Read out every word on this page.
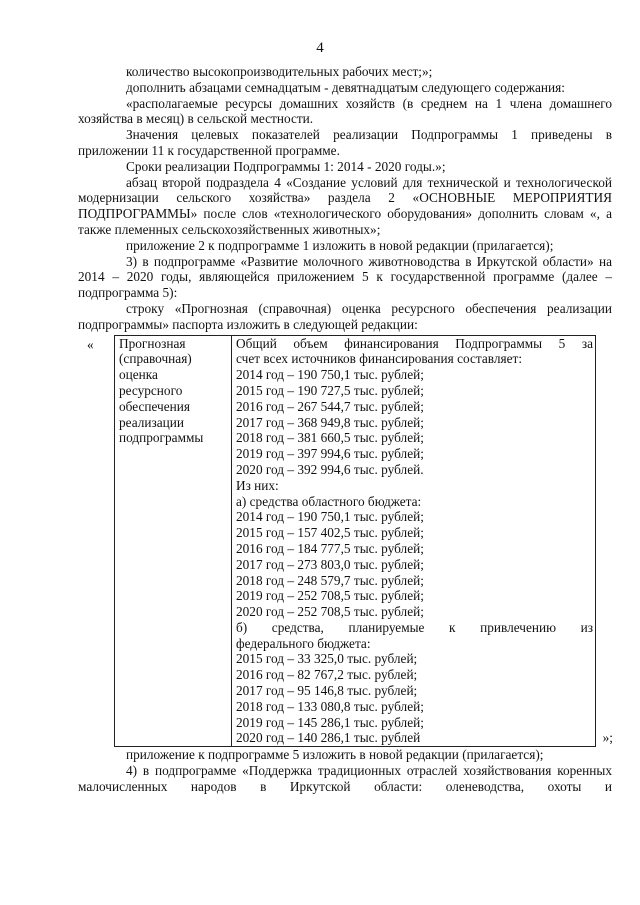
4

количество высокопроизводительных рабочих мест;»;

дополнить абзацами семнадцатым - девятнадцатым следующего содержания:

«располагаемые ресурсы домашних хозяйств (в среднем на 1 члена домашнего хозяйства в месяц) в сельской местности.

Значения целевых показателей реализации Подпрограммы 1 приведены в приложении 11 к государственной программе.

Сроки реализации Подпрограммы 1: 2014 - 2020 годы.»;

абзац второй подраздела 4 «Создание условий для технической и технологической модернизации сельского хозяйства» раздела 2 «ОСНОВНЫЕ МЕРОПРИЯТИЯ ПОДПРОГРАММЫ» после слов «технологического оборудования» дополнить словам «, а также племенных сельскохозяйственных животных»;

приложение 2 к подпрограмме 1 изложить в новой редакции (прилагается);

3) в подпрограмме «Развитие молочного животноводства в Иркутской области» на 2014 – 2020 годы, являющейся приложением 5 к государственной программе (далее – подпрограмма 5):

строку «Прогнозная (справочная) оценка ресурсного обеспечения реализации подпрограммы» паспорта изложить в следующей редакции:

« Прогнозная
(справочная)
оценка
ресурсного
обеспечения
реализации
подпрограммы
Общий объем финансирования Подпрограммы 5 за
счет всех источников финансирования составляет:
2014 год – 190 750,1 тыс. рублей;
2015 год – 190 727,5 тыс. рублей;
2016 год – 267 544,7 тыс. рублей;
2017 год – 368 949,8 тыс. рублей;
2018 год – 381 660,5 тыс. рублей;
2019 год – 397 994,6 тыс. рублей;
2020 год – 392 994,6 тыс. рублей.
Из них:
а) средства областного бюджета:
2014 год – 190 750,1 тыс. рублей;
2015 год – 157 402,5 тыс. рублей;
2016 год – 184 777,5 тыс. рублей;
2017 год – 273 803,0 тыс. рублей;
2018 год – 248 579,7 тыс. рублей;
2019 год – 252 708,5 тыс. рублей;
2020 год – 252 708,5 тыс. рублей;
б) средства, планируемые к привлечению из
федерального бюджета:
2015 год – 33 325,0 тыс. рублей;
2016 год – 82 767,2 тыс. рублей;
2017 год – 95 146,8 тыс. рублей;
2018 год – 133 080,8 тыс. рублей;
2019 год – 145 286,1 тыс. рублей;
2020 год – 140 286,1 тыс. рублей	»;

приложение к подпрограмме 5 изложить в новой редакции (прилагается);

4) в подпрограмме «Поддержка традиционных отраслей хозяйствования коренных малочисленных народов в Иркутской области: оленеводства, охоты и
